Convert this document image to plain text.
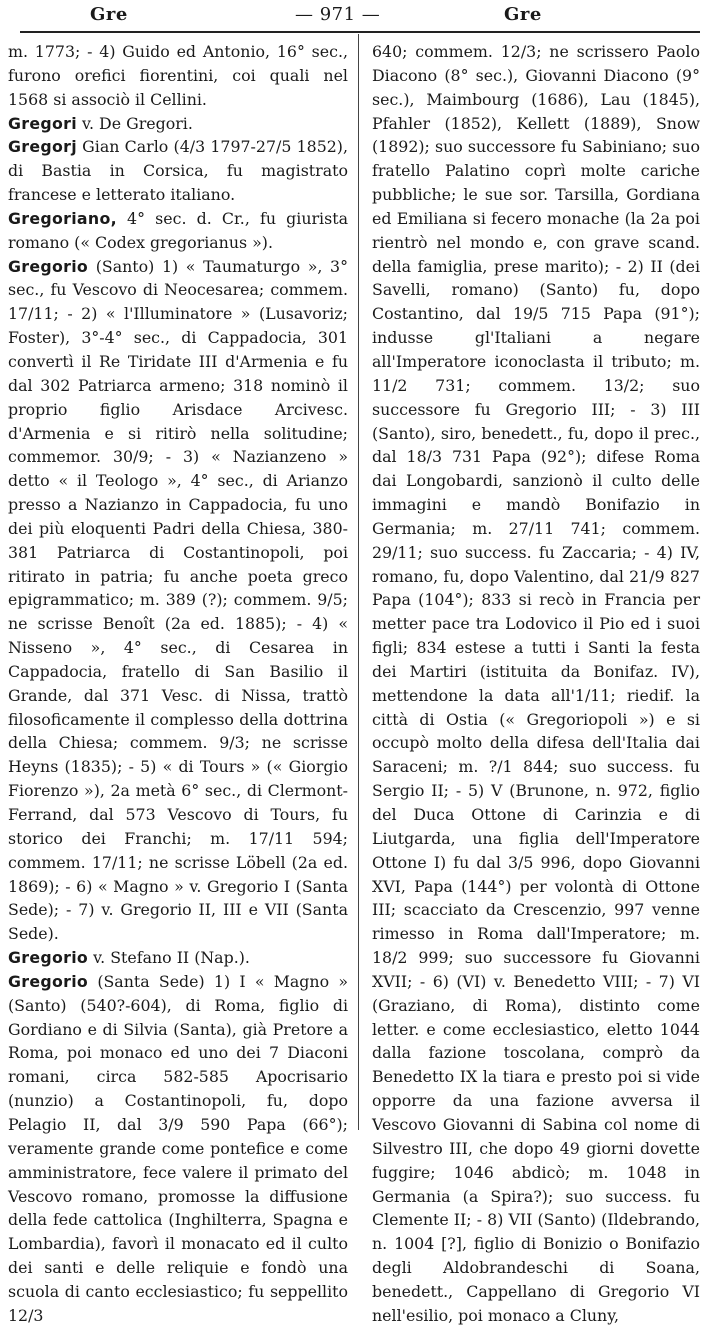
Gre	— 971 —	Gre

m. 1773; - 4) Guido ed Antonio, 16° sec., furono orefici fiorentini, coi quali nel 1568 si associò il Cellini.

Gregori v. De Gregori.

Gregorj Gian Carlo (4/3 1797-27/5 1852), di Bastia in Corsica, fu magistrato francese e letterato italiano.

Gregoriano, 4° sec. d. Cr., fu giurista romano (« Codex gregorianus »).

Gregorio (Santo) 1) « Taumaturgo », 3° sec., fu Vescovo di Neocesarea; commem. 17/11; - 2) « l'Illuminatore » (Lusavoriz; Foster), 3°-4° sec., di Cappadocia, 301 convertì il Re Tiridate III d'Armenia e fu dal 302 Patriarca armeno; 318 nominò il proprio figlio Arisdace Arcivesc. d'Armenia e si ritirò nella solitudine; commemor. 30/9; - 3) « Nazianzeno » detto « il Teologo », 4° sec., di Arianzo presso a Nazianzo in Cappadocia, fu uno dei più eloquenti Padri della Chiesa, 380-381 Patriarca di Costantinopoli, poi ritirato in patria; fu anche poeta greco epigrammatico; m. 389 (?); commem. 9/5; ne scrisse Benoît (2a ed. 1885); - 4) « Nisseno », 4° sec., di Cesarea in Cappadocia, fratello di San Basilio il Grande, dal 371 Vesc. di Nissa, trattò filosoficamente il complesso della dottrina della Chiesa; commem. 9/3; ne scrisse Heyns (1835); - 5) « di Tours » (« Giorgio Fiorenzo »), 2a metà 6° sec., di Clermont-Ferrand, dal 573 Vescovo di Tours, fu storico dei Franchi; m. 17/11 594; commem. 17/11; ne scrisse Löbell (2a ed. 1869); - 6) « Magno » v. Gregorio I (Santa Sede); - 7) v. Gregorio II, III e VII (Santa Sede).

Gregorio v. Stefano II (Nap.).

Gregorio (Santa Sede) 1) I « Magno » (Santo) (540?-604), di Roma, figlio di Gordiano e di Silvia (Santa), già Pretore a Roma, poi monaco ed uno dei 7 Diaconi romani, circa 582-585 Apocrisario (nunzio) a Costantinopoli, fu, dopo Pelagio II, dal 3/9 590 Papa (66°); veramente grande come pontefice e come amministratore, fece valere il primato del Vescovo romano, promosse la diffusione della fede cattolica (Inghilterra, Spagna e Lombardia), favorì il monacato ed il culto dei santi e delle reliquie e fondò una scuola di canto ecclesiastico; fu seppellito 12/3

640; commem. 12/3; ne scrissero Paolo Diacono (8° sec.), Giovanni Diacono (9° sec.), Maimbourg (1686), Lau (1845), Pfahler (1852), Kellett (1889), Snow (1892); suo successore fu Sabiniano; suo fratello Palatino coprì molte cariche pubbliche; le sue sor. Tarsilla, Gordiana ed Emiliana si fecero monache (la 2a poi rientrò nel mondo e, con grave scand. della famiglia, prese marito); - 2) II (dei Savelli, romano) (Santo) fu, dopo Costantino, dal 19/5 715 Papa (91°); indusse gl'Italiani a negare all'Imperatore iconoclasta il tributo; m. 11/2 731; commem. 13/2; suo successore fu Gregorio III; - 3) III (Santo), siro, benedett., fu, dopo il prec., dal 18/3 731 Papa (92°); difese Roma dai Longobardi, sanzionò il culto delle immagini e mandò Bonifazio in Germania; m. 27/11 741; commem. 29/11; suo success. fu Zaccaria; - 4) IV, romano, fu, dopo Valentino, dal 21/9 827 Papa (104°); 833 si recò in Francia per metter pace tra Lodovico il Pio ed i suoi figli; 834 estese a tutti i Santi la festa dei Martiri (istituita da Bonifaz. IV), mettendone la data all'1/11; riedif. la città di Ostia (« Gregoriopoli ») e si occupò molto della difesa dell'Italia dai Saraceni; m. ?/1 844; suo success. fu Sergio II; - 5) V (Brunone, n. 972, figlio del Duca Ottone di Carinzia e di Liutgarda, una figlia dell'Imperatore Ottone I) fu dal 3/5 996, dopo Giovanni XVI, Papa (144°) per volontà di Ottone III; scacciato da Crescenzio, 997 venne rimesso in Roma dall'Imperatore; m. 18/2 999; suo successore fu Giovanni XVII; - 6) (VI) v. Benedetto VIII; - 7) VI (Graziano, di Roma), distinto come letter. e come ecclesiastico, eletto 1044 dalla fazione toscolana, comprò da Benedetto IX la tiara e presto poi si vide opporre da una fazione avversa il Vescovo Giovanni di Sabina col nome di Silvestro III, che dopo 49 giorni dovette fuggire; 1046 abdicò; m. 1048 in Germania (a Spira?); suo success. fu Clemente II; - 8) VII (Santo) (Ildebrando, n. 1004 [?], figlio di Bonizio o Bonifazio degli Aldobrandeschi di Soana, benedett., Cappellano di Gregorio VI nell'esilio, poi monaco a Cluny,
